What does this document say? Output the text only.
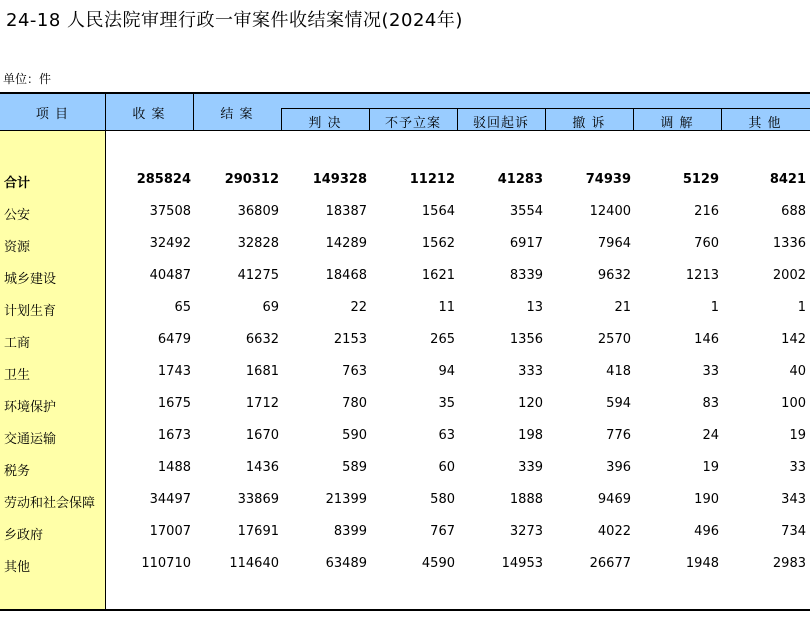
24-18 人民法院审理行政一审案件收结案情况(2024年)
单位：件
项 目	收 案	结 案
判 决	不予立案	驳回起诉	撤 诉	调 解	其 他
合计	285824	290312	149328	11212	41283	74939	5129	8421
公安	37508	36809	18387	1564	3554	12400	216	688
资源	32492	32828	14289	1562	6917	7964	760	1336
城乡建设	40487	41275	18468	1621	8339	9632	1213	2002
计划生育	65	69	22	11	13	21	1	1
工商	6479	6632	2153	265	1356	2570	146	142
卫生	1743	1681	763	94	333	418	33	40
环境保护	1675	1712	780	35	120	594	83	100
交通运输	1673	1670	590	63	198	776	24	19
税务	1488	1436	589	60	339	396	19	33
劳动和社会保障	34497	33869	21399	580	1888	9469	190	343
乡政府	17007	17691	8399	767	3273	4022	496	734
其他	110710	114640	63489	4590	14953	26677	1948	2983
